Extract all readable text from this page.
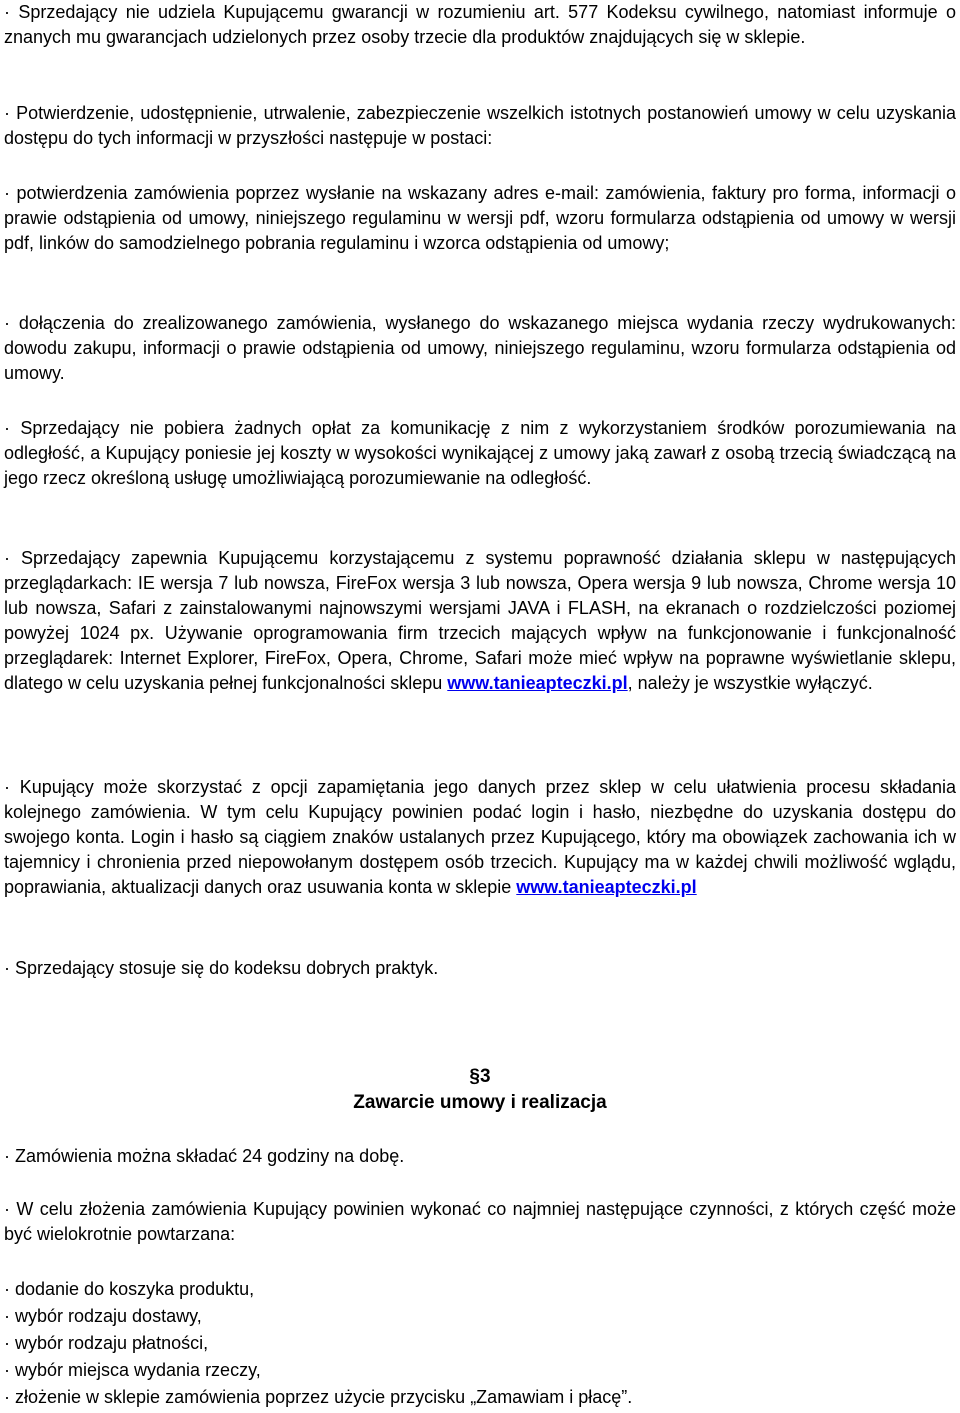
· Sprzedający nie udziela Kupującemu gwarancji w rozumieniu art. 577 Kodeksu cywilnego, natomiast informuje o znanych mu gwarancjach udzielonych przez osoby trzecie dla produktów znajdujących się w sklepie.

· Potwierdzenie, udostępnienie, utrwalenie, zabezpieczenie wszelkich istotnych postanowień umowy w celu uzyskania dostępu do tych informacji w przyszłości następuje w postaci:

· potwierdzenia zamówienia poprzez wysłanie na wskazany adres e-mail: zamówienia, faktury pro forma, informacji o prawie odstąpienia od umowy, niniejszego regulaminu w wersji pdf, wzoru formularza odstąpienia od umowy w wersji pdf, linków do samodzielnego pobrania regulaminu i wzorca odstąpienia od umowy;

· dołączenia do zrealizowanego zamówienia, wysłanego do wskazanego miejsca wydania rzeczy wydrukowanych: dowodu zakupu, informacji o prawie odstąpienia od umowy, niniejszego regulaminu, wzoru formularza odstąpienia od umowy.

· Sprzedający nie pobiera żadnych opłat za komunikację z nim z wykorzystaniem środków porozumiewania na odległość, a Kupujący poniesie jej koszty w wysokości wynikającej z umowy jaką zawarł z osobą trzecią świadczącą na jego rzecz określoną usługę umożliwiającą porozumiewanie na odległość.

· Sprzedający zapewnia Kupującemu korzystającemu z systemu poprawność działania sklepu w następujących przeglądarkach: IE wersja 7 lub nowsza, FireFox wersja 3 lub nowsza, Opera wersja 9 lub nowsza, Chrome wersja 10 lub nowsza, Safari z zainstalowanymi najnowszymi wersjami JAVA i FLASH, na ekranach o rozdzielczości poziomej powyżej 1024 px. Używanie oprogramowania firm trzecich mających wpływ na funkcjonowanie i funkcjonalność przeglądarek: Internet Explorer, FireFox, Opera, Chrome, Safari może mieć wpływ na poprawne wyświetlanie sklepu, dlatego w celu uzyskania pełnej funkcjonalności sklepu www.tanieapteczki.pl, należy je wszystkie wyłączyć.

· Kupujący może skorzystać z opcji zapamiętania jego danych przez sklep w celu ułatwienia procesu składania kolejnego zamówienia. W tym celu Kupujący powinien podać login i hasło, niezbędne do uzyskania dostępu do swojego konta. Login i hasło są ciągiem znaków ustalanych przez Kupującego, który ma obowiązek zachowania ich w tajemnicy i chronienia przed niepowołanym dostępem osób trzecich. Kupujący ma w każdej chwili możliwość wglądu, poprawiania, aktualizacji danych oraz usuwania konta w sklepie www.tanieapteczki.pl

· Sprzedający stosuje się do kodeksu dobrych praktyk.

§3
Zawarcie umowy i realizacja

· Zamówienia można składać 24 godziny na dobę.

· W celu złożenia zamówienia Kupujący powinien wykonać co najmniej następujące czynności, z których część może być wielokrotnie powtarzana:

· dodanie do koszyka produktu,
· wybór rodzaju dostawy,
· wybór rodzaju płatności,
· wybór miejsca wydania rzeczy,
· złożenie w sklepie zamówienia poprzez użycie przycisku „Zamawiam i płacę”.
